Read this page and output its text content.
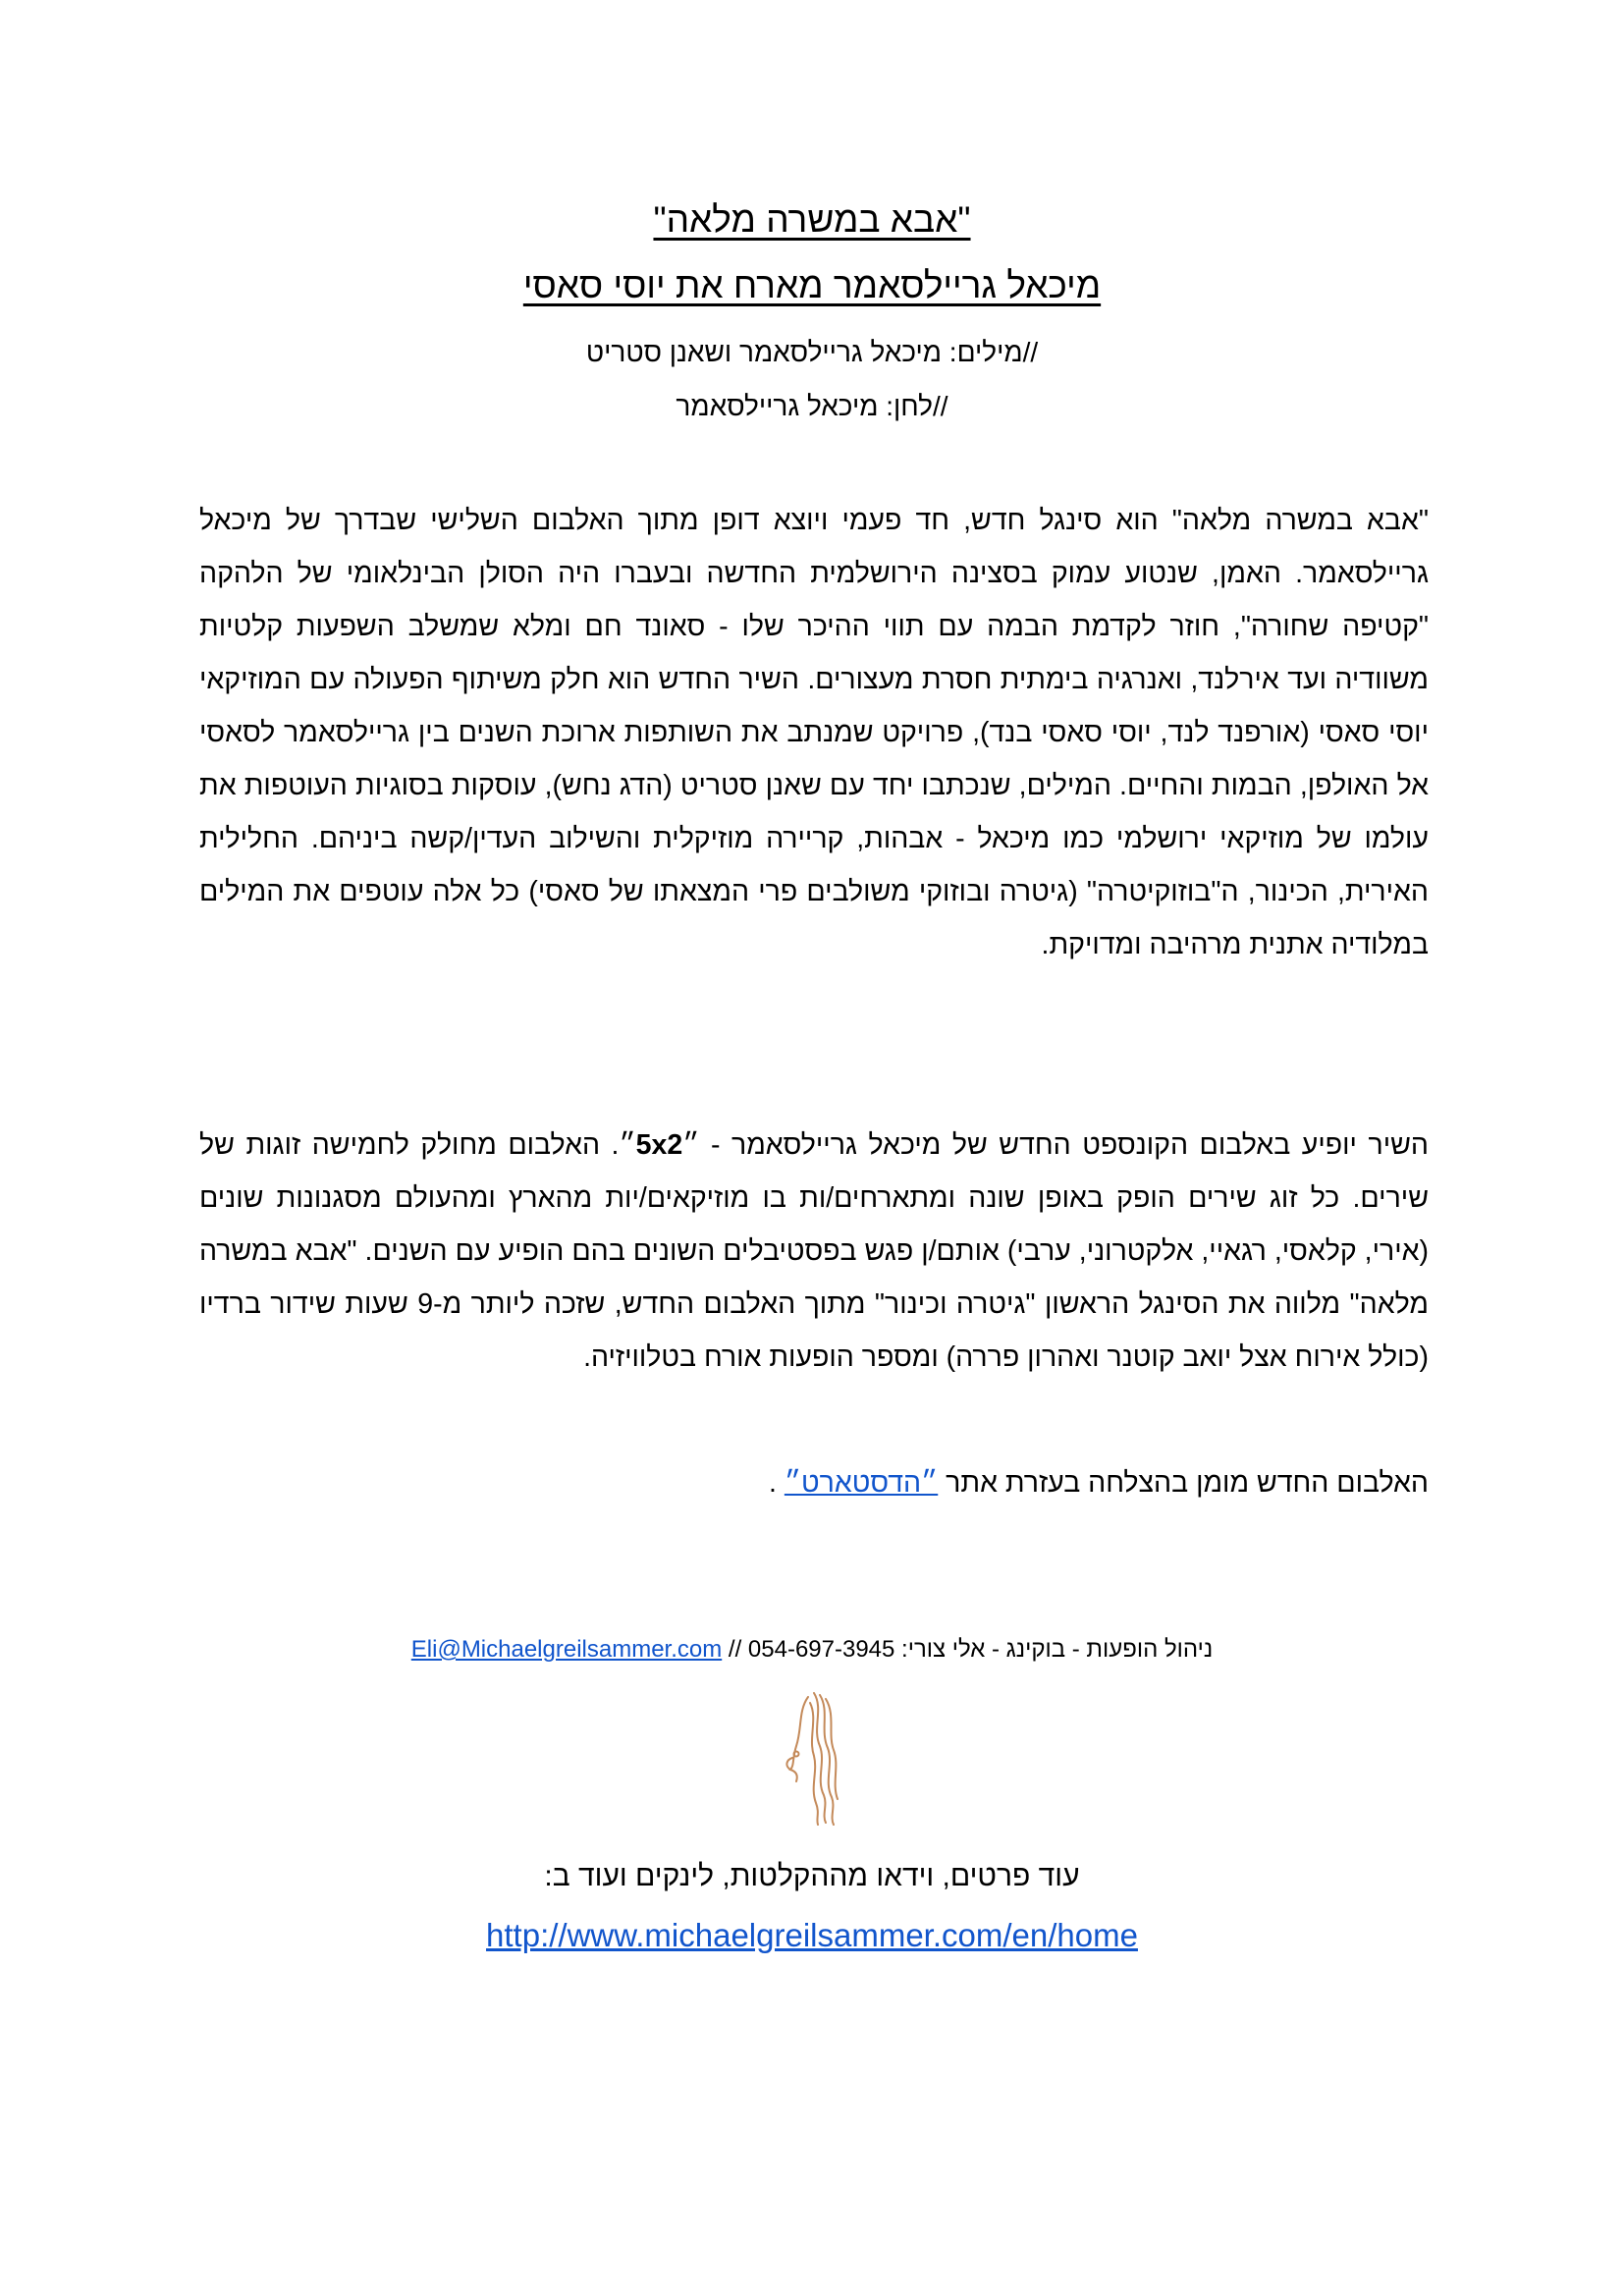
"אבא במשרה מלאה"
מיכאל גריילסאמר מארח את יוסי סאסי
//מילים: מיכאל גריילסאמר ושאנן סטריט
//לחן: מיכאל גריילסאמר
"אבא במשרה מלאה" הוא סינגל חדש, חד פעמי ויוצא דופן מתוך האלבום השלישי שבדרך של מיכאל גריילסאמר. האמן, שנטוע עמוק בסצינה הירושלמית החדשה ובעברו היה הסולן הבינלאומי של הלהקה "קטיפה שחורה", חוזר לקדמת הבמה עם תווי ההיכר שלו - סאונד חם ומלא שמשלב השפעות קלטיות משוודיה ועד אירלנד, ואנרגיה בימתית חסרת מעצורים. השיר החדש הוא חלק משיתוף הפעולה עם המוזיקאי יוסי סאסי (אורפנד לנד, יוסי סאסי בנד), פרויקט שמנתב את השותפות ארוכת השנים בין גריילסאמר לסאסי אל האולפן, הבמות והחיים. המילים, שנכתבו יחד עם שאנן סטריט (הדג נחש), עוסקות בסוגיות העוטפות את עולמו של מוזיקאי ירושלמי כמו מיכאל - אבהות, קריירה מוזיקלית והשילוב העדין/קשה ביניהם. החלילית האירית, הכינור, ה"בוזוקיטרה" (גיטרה ובוזוקי משולבים פרי המצאתו של סאסי) כל אלה עוטפים את המילים במלודיה אתנית מרהיבה ומדויקת.
השיר יופיע באלבום הקונספט החדש של מיכאל גריילסאמר - ״5x2״. האלבום מחולק לחמישה זוגות של שירים. כל זוג שירים הופק באופן שונה ומתארחים/ות בו מוזיקאים/יות מהארץ ומהעולם מסגנונות שונים (אירי, קלאסי, רגאיי, אלקטרוני, ערבי) אותם/ן פגש בפסטיבלים השונים בהם הופיע עם השנים. "אבא במשרה מלאה" מלווה את הסינגל הראשון "גיטרה וכינור" מתוך האלבום החדש, שזכה ליותר מ-9 שעות שידור ברדיו (כולל אירוח אצל יואב קוטנר ואהרון פררה) ומספר הופעות אורח בטלוויזיה.
האלבום החדש מומן בהצלחה בעזרת אתר ״הדסטארט״ .
ניהול הופעות - בוקינג - אלי צורי: 054-697-3945 // Eli@Michaelgreilsammer.com
עוד פרטים, וידאו מההקלטות, לינקים ועוד ב:
http://www.michaelgreilsammer.com/en/home
